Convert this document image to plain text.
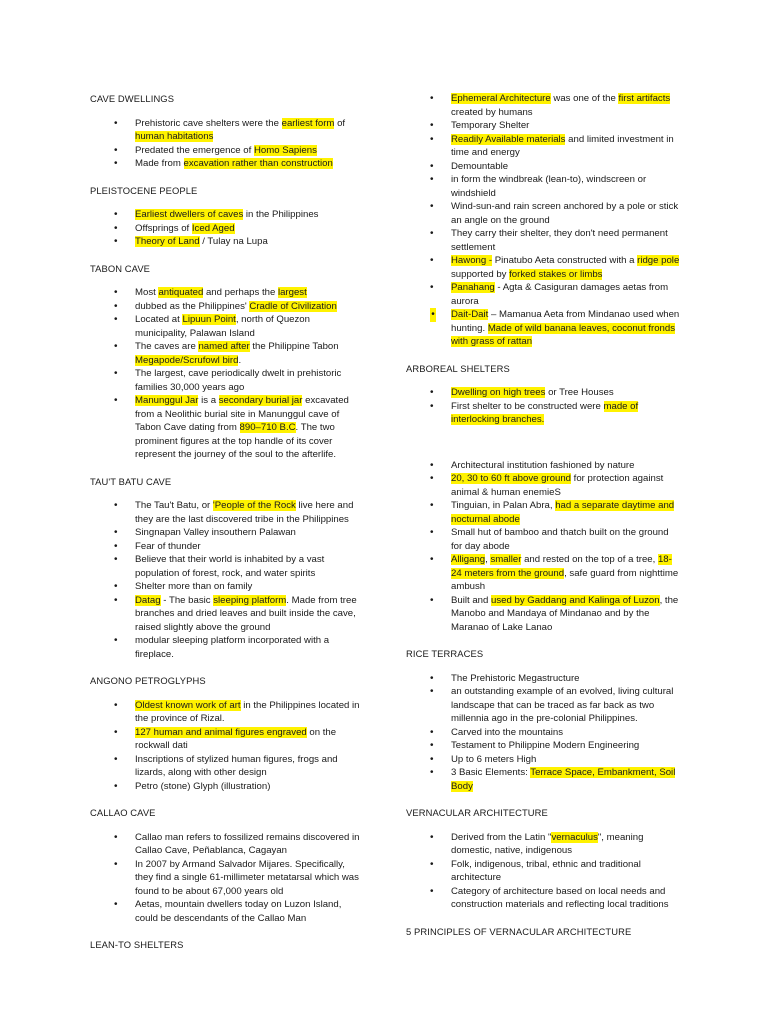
CAVE DWELLINGS
• Prehistoric cave shelters were the earliest form of human habitations
• Predated the emergence of Homo Sapiens
• Made from excavation rather than construction
PLEISTOCENE PEOPLE
• Earliest dwellers of caves in the Philippines
• Offsprings of Iced Aged
• Theory of Land / Tulay na Lupa
TABON CAVE
• Most antiquated and perhaps the largest
• dubbed as the Philippines' Cradle of Civilization
• Located at Lipuun Point, north of Quezon municipality, Palawan Island
• The caves are named after the Philippine Tabon Megapode/Scrufowl bird.
• The largest, cave periodically dwelt in prehistoric families 30,000 years ago
• Manunggul Jar is a secondary burial jar excavated from a Neolithic burial site in Manunggul cave of Tabon Cave dating from 890–710 B.C. The two prominent figures at the top handle of its cover represent the journey of the soul to the afterlife.
TAU'T BATU CAVE
• The Tau't Batu, or 'People of the Rock live here and they are the last discovered tribe in the Philippines
• Singnapan Valley insouthern Palawan
• Fear of thunder
• Believe that their world is inhabited by a vast population of forest, rock, and water spirits
• Shelter more than on family
• Datag - The basic sleeping platform. Made from tree branches and dried leaves and built inside the cave, raised slightly above the ground
• modular sleeping platform incorporated with a fireplace.
ANGONO PETROGLYPHS
• Oldest known work of art in the Philippines located in the province of Rizal.
• 127 human and animal figures engraved on the rockwall dati
• Inscriptions of stylized human figures, frogs and lizards, along with other design
• Petro (stone) Glyph (illustration)
CALLAO CAVE
• Callao man refers to fossilized remains discovered in Callao Cave, Peñablanca, Cagayan
• In 2007 by Armand Salvador Mijares. Specifically, they find a single 61-millimeter metatarsal which was found to be about 67,000 years old
• Aetas, mountain dwellers today on Luzon Island, could be descendants of the Callao Man
LEAN-TO SHELTERS
• Ephemeral Architecture was one of the first artifacts created by humans
• Temporary Shelter
• Readily Available materials and limited investment in time and energy
• Demountable
• in form the windbreak (lean-to), windscreen or windshield
• Wind-sun-and rain screen anchored by a pole or stick an angle on the ground
• They carry their shelter, they don't need permanent settlement
• Hawong - Pinatubo Aeta constructed with a ridge pole supported by forked stakes or limbs
• Panahang - Agta & Casiguran damages aetas from aurora
• Dait-Dait – Mamanua Aeta from Mindanao used when hunting. Made of wild banana leaves, coconut fronds with grass of rattan
ARBOREAL SHELTERS
• Dwelling on high trees or Tree Houses
• First shelter to be constructed were made of interlocking branches.
• Architectural institution fashioned by nature
• 20, 30 to 60 ft above ground for protection against animal & human enemieS
• Tinguian, in Palan Abra, had a separate daytime and nocturnal abode
• Small hut of bamboo and thatch built on the ground for day abode
• Alligang, smaller and rested on the top of a tree, 18-24 meters from the ground, safe guard from nighttime ambush
• Built and used by Gaddang and Kalinga of Luzon, the Manobo and Mandaya of Mindanao and by the Maranao of Lake Lanao
RICE TERRACES
• The Prehistoric Megastructure
• an outstanding example of an evolved, living cultural landscape that can be traced as far back as two millennia ago in the pre-colonial Philippines.
• Carved into the mountains
• Testament to Philippine Modern Engineering
• Up to 6 meters High
• 3 Basic Elements: Terrace Space, Embankment, Soil Body
VERNACULAR ARCHITECTURE
• Derived from the Latin "vernaculus", meaning domestic, native, indigenous
• Folk, indigenous, tribal, ethnic and traditional architecture
• Category of architecture based on local needs and construction materials and reflecting local traditions
5 PRINCIPLES OF VERNACULAR ARCHITECTURE
